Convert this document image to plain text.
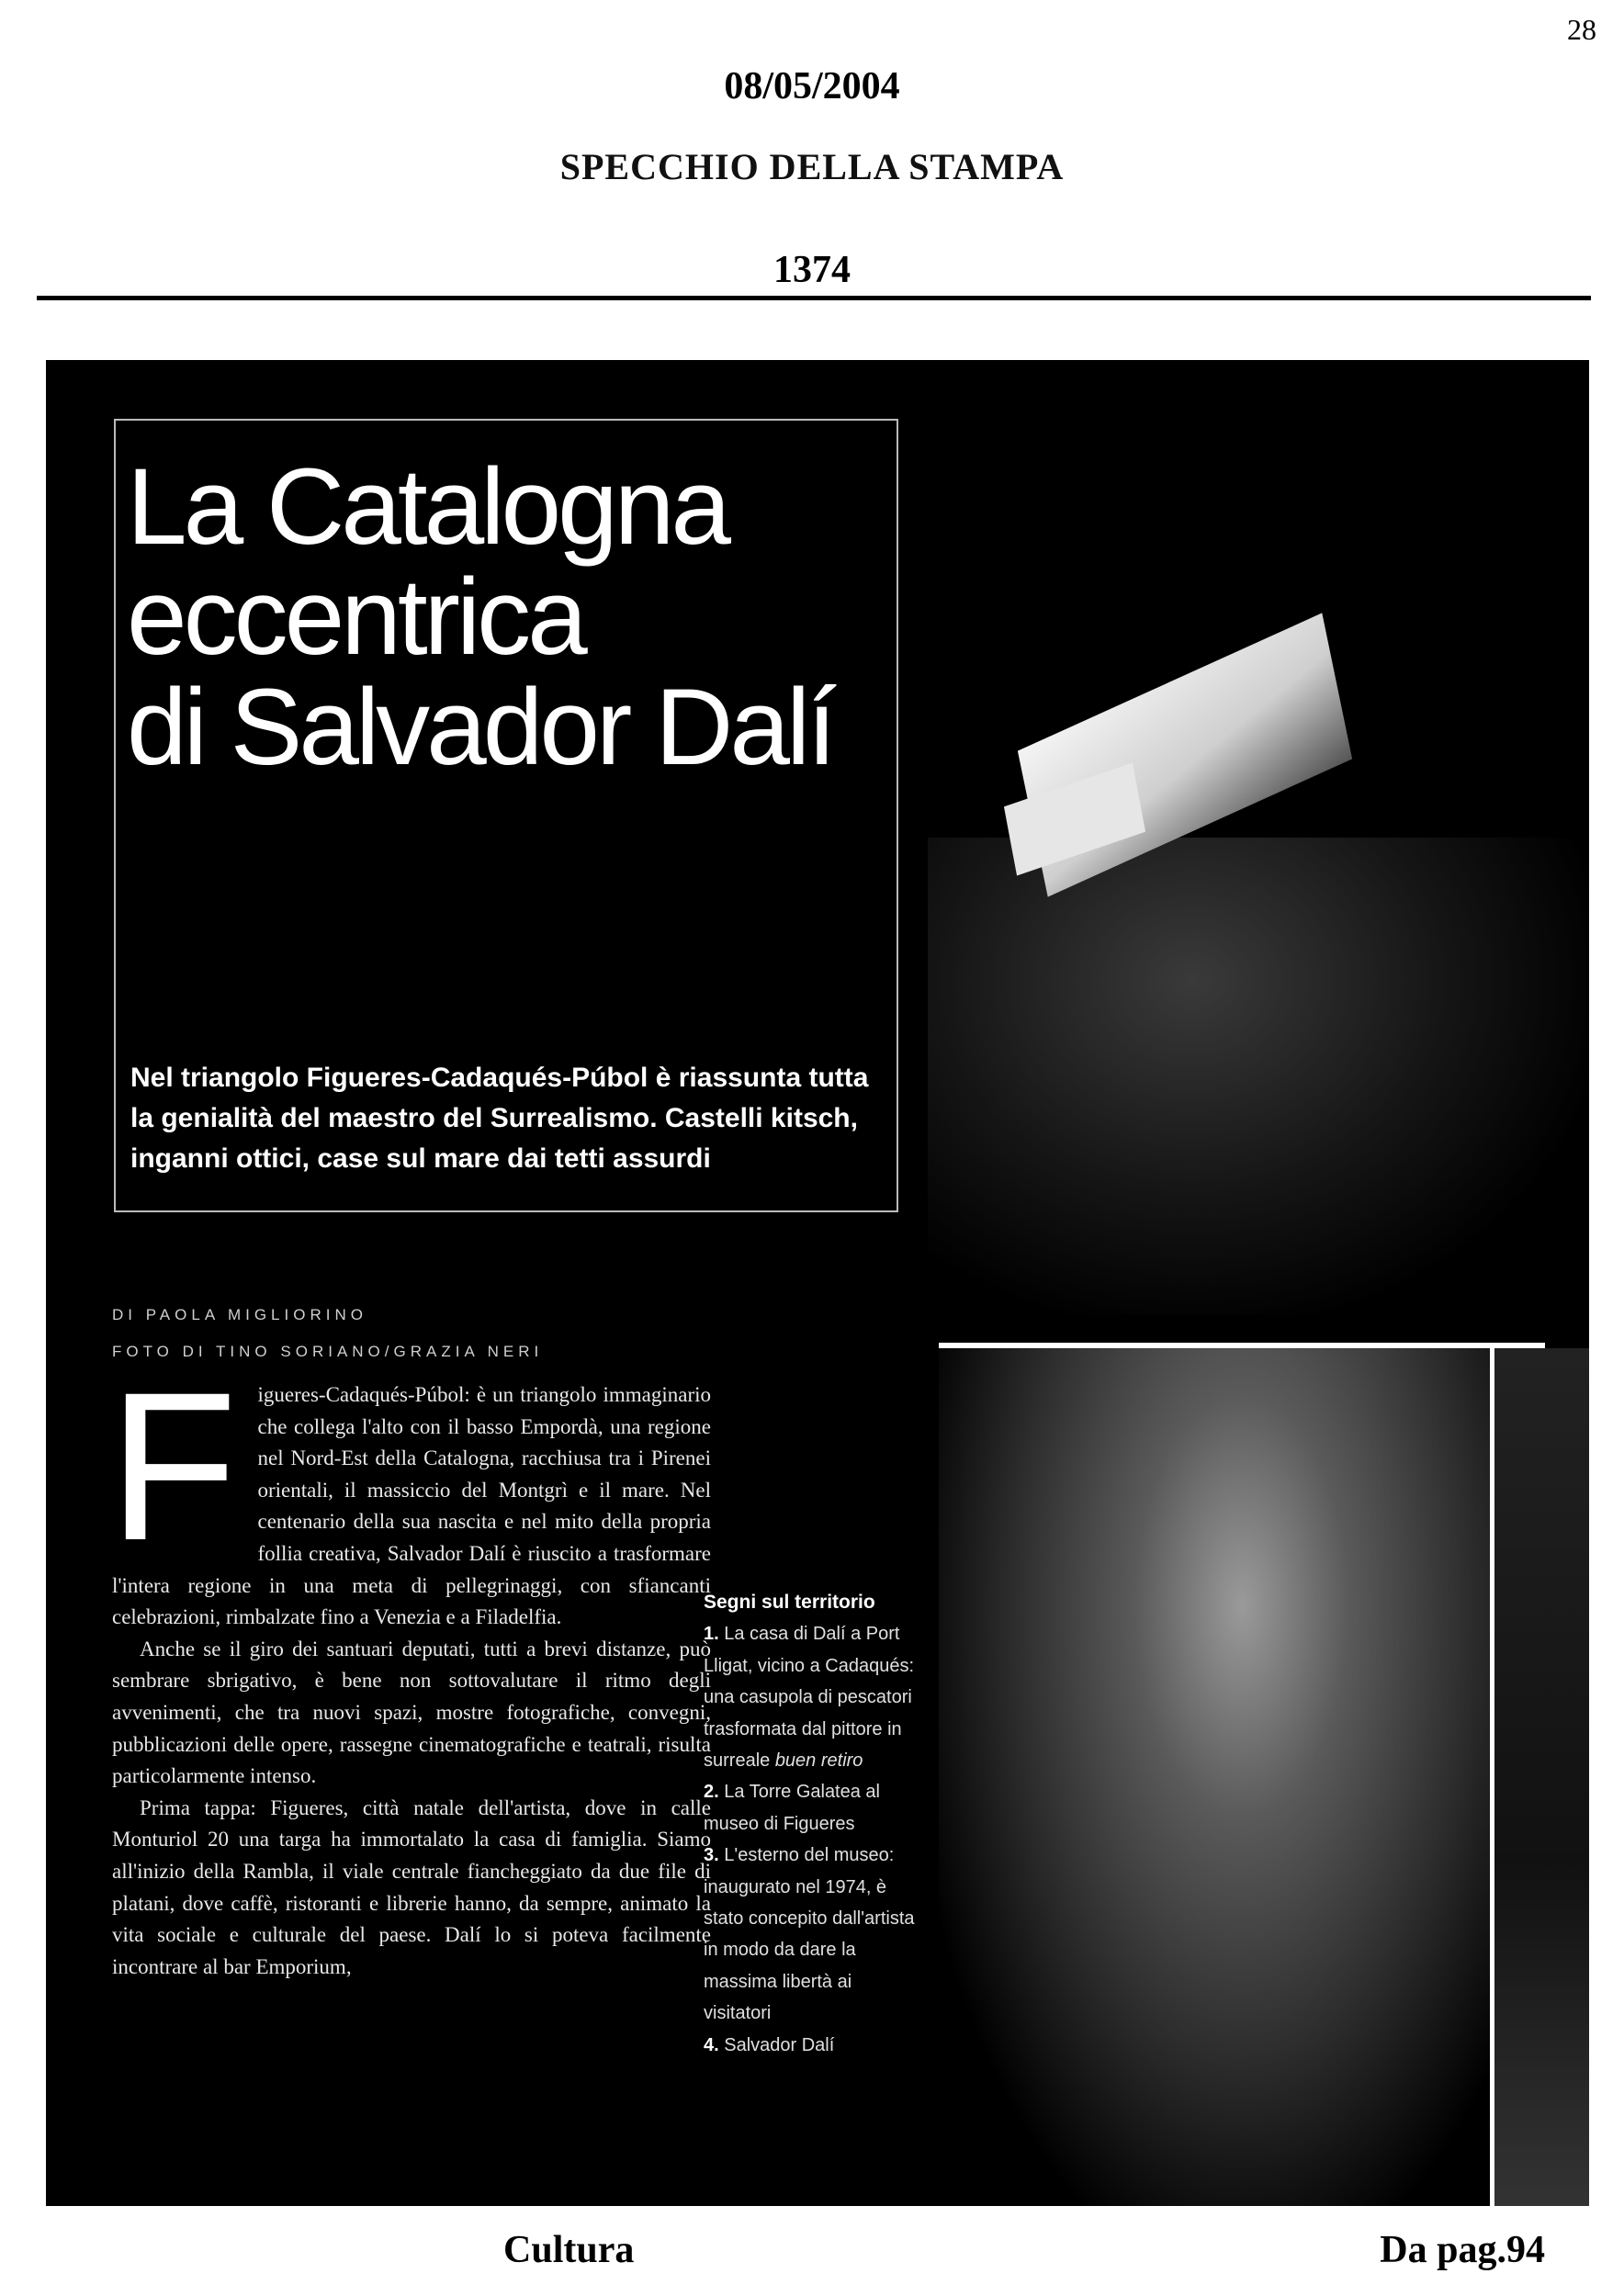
28
08/05/2004
SPECCHIO DELLA STAMPA
1374
La Catalogna
eccentrica
di Salvador Dalí
Nel triangolo Figueres-Cadaqués-Púbol è riassunta tutta la genialità del maestro del Surrealismo. Castelli kitsch, inganni ottici, case sul mare dai tetti assurdi
DI PAOLA MIGLIORINO
FOTO DI TINO SORIANO/GRAZIA NERI

Figueres-Cadaqués-Púbol: è un triangolo immaginario che collega l'alto con il basso Empordà, una regione nel Nord-Est della Catalogna, racchiusa tra i Pirenei orientali, il massiccio del Montgrì e il mare. Nel centenario della sua nascita e nel mito della propria follia creativa, Salvador Dalí è riuscito a trasformare l'intera regione in una meta di pellegrinaggi, con sfiancanti celebrazioni, rimbalzate fino a Venezia e a Filadelfia.

Anche se il giro dei santuari deputati, tutti a brevi distanze, può sembrare sbrigativo, è bene non sottovalutare il ritmo degli avvenimenti, che tra nuovi spazi, mostre fotografiche, convegni, pubblicazioni delle opere, rassegne cinematografiche e teatrali, risulta particolarmente intenso.

Prima tappa: Figueres, città natale dell'artista, dove in calle Monturiol 20 una targa ha immortalato la casa di famiglia. Siamo all'inizio della Rambla, il viale centrale fiancheggiato da due file di platani, dove caffè, ristoranti e librerie hanno, da sempre, animato la vita sociale e culturale del paese. Dalí lo si poteva facilmente incontrare al bar Emporium,

Segni sul territorio
1. La casa di Dalí a Port Lligat, vicino a Cadaqués: una casupola di pescatori trasformata dal pittore in surreale buen retiro
2. La Torre Galatea al museo di Figueres
3. L'esterno del museo: inaugurato nel 1974, è stato concepito dall'artista in modo da dare la massima libertà ai visitatori
4. Salvador Dalí
Cultura	Da pag.94
